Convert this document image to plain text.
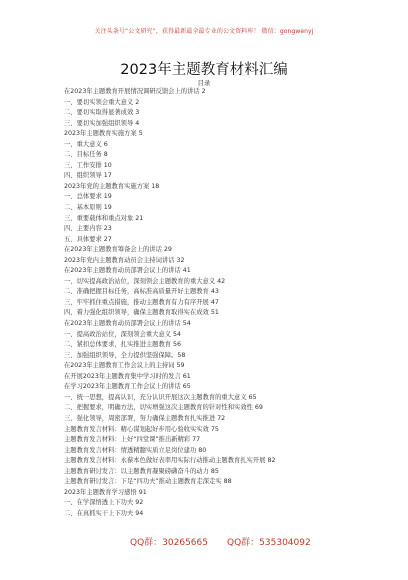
关注头条号“公文研究”，获得最新最全最专业的公文资料库！ 微信：gongwenyj
2023年主题教育材料汇编
目录
在2023年主题教育开展情况调研反馈会上的讲话 2
一、要切实领会重大意义 2
二、要切实取得显著成效 3
三、要切实加强组织领导 4
2023年主题教育实施方案 5
一、重大意义 6
二、目标任务 8
三、工作安排 10
四、组织领导 17
2023年党的主题教育实施方案 18
一、总体要求 19
二、基本原则 19
三、重要载体和重点对象 21
四、主要内容 23
五、具体要求 27
在2023年主题教育筹备会上的讲话 29
2023年党内主题教育动员会主持词讲话 32
在2023年主题教育动员部署会议上的讲话 41
一、切实提高政治站位，深刻领会主题教育的重大意义 42
二、准确把握目标任务，高标准高质量开好主题教育 43
三、牢牢抓住重点措施，推动主题教育有力有序开展 47
四、着力强化组织领导，确保主题教育取得实在成效 51
在2023年主题教育动员部署会议上的讲话 54
一、提高政治站位，深刻领会重大意义 54
二、紧扣总体要求，扎实推进主题教育 56
三、加强组织领导，全力提供坚强保障。58
在2023年主题教育工作会议上的主持词 59
在开展2023年主题教育集中学习时的发言 61
在学习2023年主题教育工作会议上的讲话 65
一、统一思想，提高认识，充分认识开展这次主题教育的重大意义 65
二、把握要求，明确方法，切实增强这次主题教育的针对性和实效性 69
三、强化领导，周密部署，努力确保主题教育扎实推进 72
主题教育发言材料：精心谋划起好步用心验收实实效 75
主题教育发言材料：上好“四堂课”推出新精彩 77
主题教育发言材料：情透精髓实质立足岗位建功 80
主题教育发言材料：永葆本色做好表率用实际行动推动主题教育扎实开展 82
主题教育研讨发言：以主题教育凝聚磅礴奋斗的动力 85
主题教育研讨发言：下足“四功夫”推动主题教育走深走实 88
2023年主题教育学习感悟 91
一、在学深悟透上下功夫 92
二、在真抓实干上下功夫 94
QQ群：30265665 QQ群：535304092
